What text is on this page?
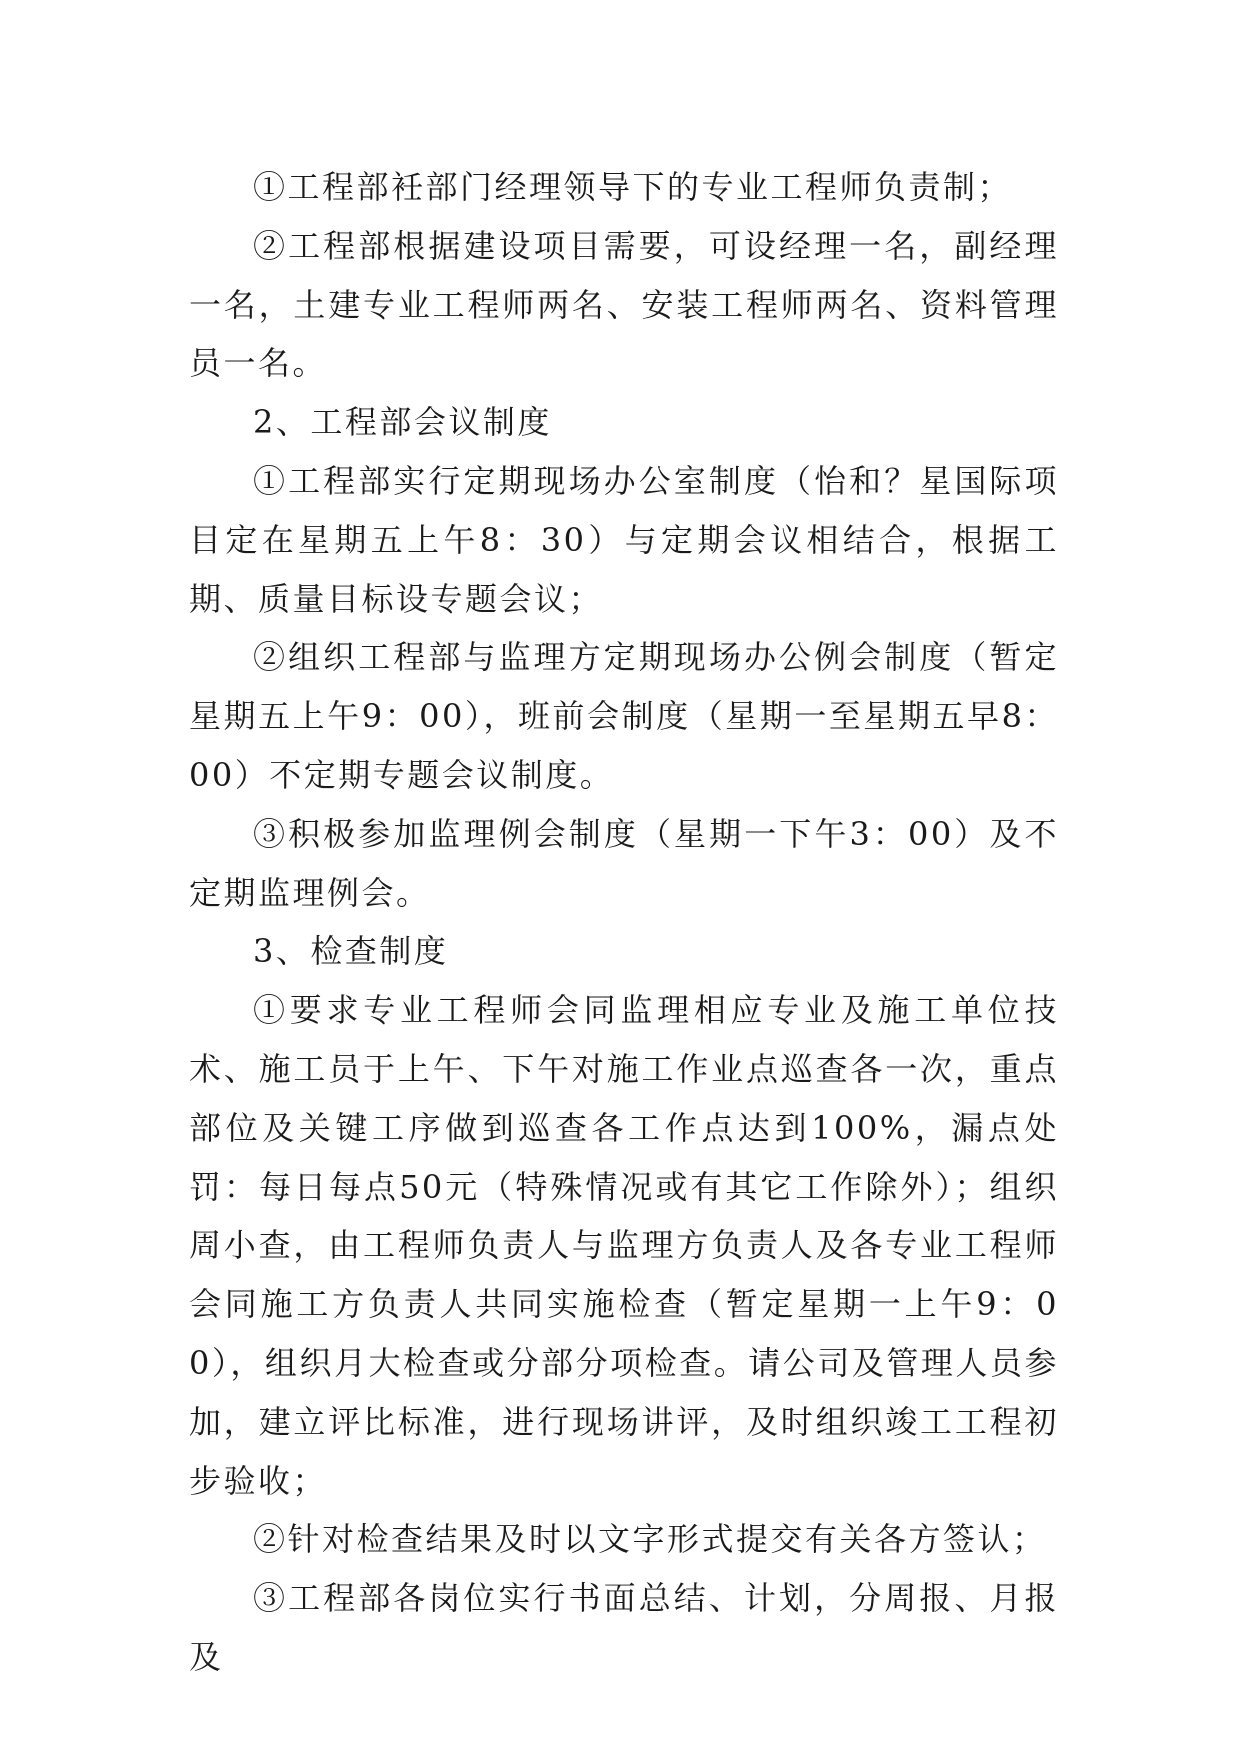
①工程部衽部门经理领导下的专业工程师负责制；

②工程部根据建设项目需要，可设经理一名，副经理一名，土建专业工程师两名、安装工程师两名、资料管理员一名。

2、工程部会议制度

①工程部实行定期现场办公室制度（怡和？星国际项目定在星期五上午8：30）与定期会议相结合，根据工期、质量目标设专题会议；

②组织工程部与监理方定期现场办公例会制度（暂定星期五上午9：00），班前会制度（星期一至星期五早8：00）不定期专题会议制度。

③积极参加监理例会制度（星期一下午3：00）及不定期监理例会。

3、检查制度

①要求专业工程师会同监理相应专业及施工单位技术、施工员于上午、下午对施工作业点巡查各一次，重点部位及关键工序做到巡查各工作点达到100%，漏点处罚：每日每点50元（特殊情况或有其它工作除外）；组织周小查，由工程师负责人与监理方负责人及各专业工程师会同施工方负责人共同实施检查（暂定星期一上午9：00），组织月大检查或分部分项检查。请公司及管理人员参加，建立评比标准，进行现场讲评，及时组织竣工工程初步验收；

②针对检查结果及时以文字形式提交有关各方签认；

③工程部各岗位实行书面总结、计划，分周报、月报及
